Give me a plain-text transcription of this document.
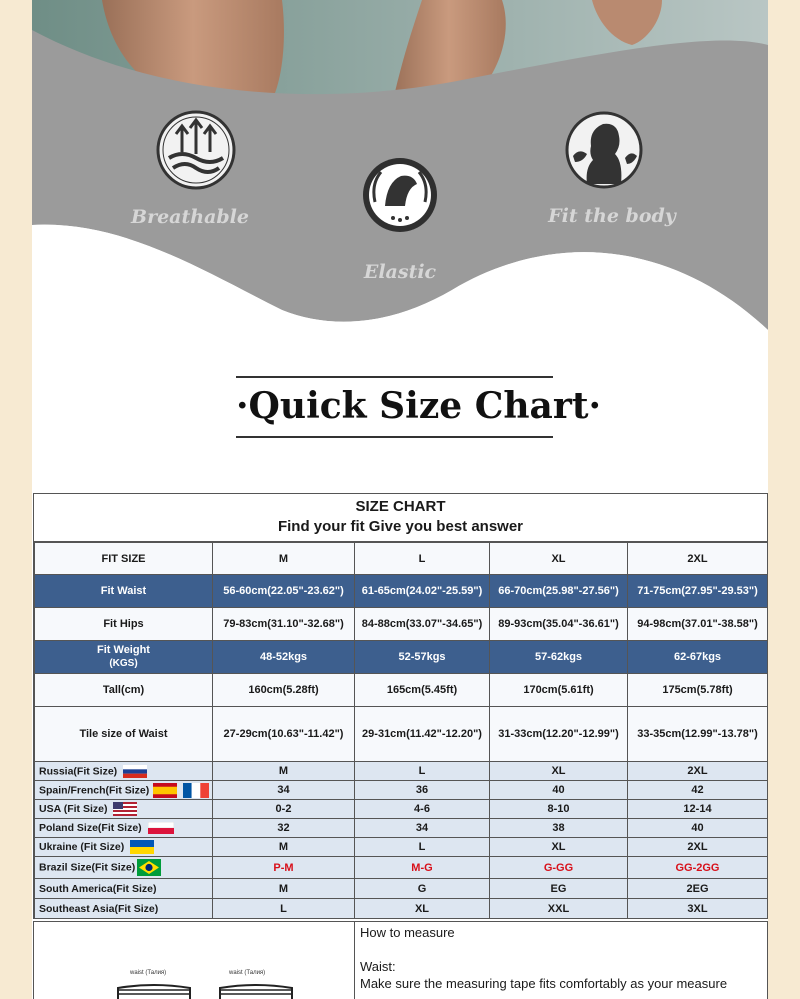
Breathable
Elastic
Fit the body
·Quick Size Chart·
SIZE CHART
Find your fit Give you best answer
FIT SIZE	M	L	XL	2XL
Fit Waist	56-60cm(22.05"-23.62")	61-65cm(24.02"-25.59")	66-70cm(25.98"-27.56")	71-75cm(27.95"-29.53")
Fit Hips	79-83cm(31.10"-32.68")	84-88cm(33.07"-34.65")	89-93cm(35.04"-36.61")	94-98cm(37.01"-38.58")

Fit Weight
(KGS)	48-52kgs	52-57kgs	57-62kgs	62-67kgs
Tall(cm)	160cm(5.28ft)	165cm(5.45ft)	170cm(5.61ft)	175cm(5.78ft)
Tile size of Waist	27-29cm(10.63"-11.42")	29-31cm(11.42"-12.20")	31-33cm(12.20"-12.99")	33-35cm(12.99"-13.78")
Russia(Fit Size)	M	L	XL	2XL
Spain/French(Fit Size)	34	36	40	42
USA (Fit Size)	0-2	4-6	8-10	12-14
Poland Size(Fit Size)	32	34	38	40
Ukraine (Fit Size)	M	L	XL	2XL
Brazil Size(Fit Size)	P-M	M-G	G-GG	GG-2GG
South America(Fit Size)	M	G	EG	2EG
Southeast Asia(Fit Size)	L	XL	XXL	3XL
waist (Талия)	waist (Талия)
How to measure
Waist:
Make sure the measuring tape fits comfortably as your measure
